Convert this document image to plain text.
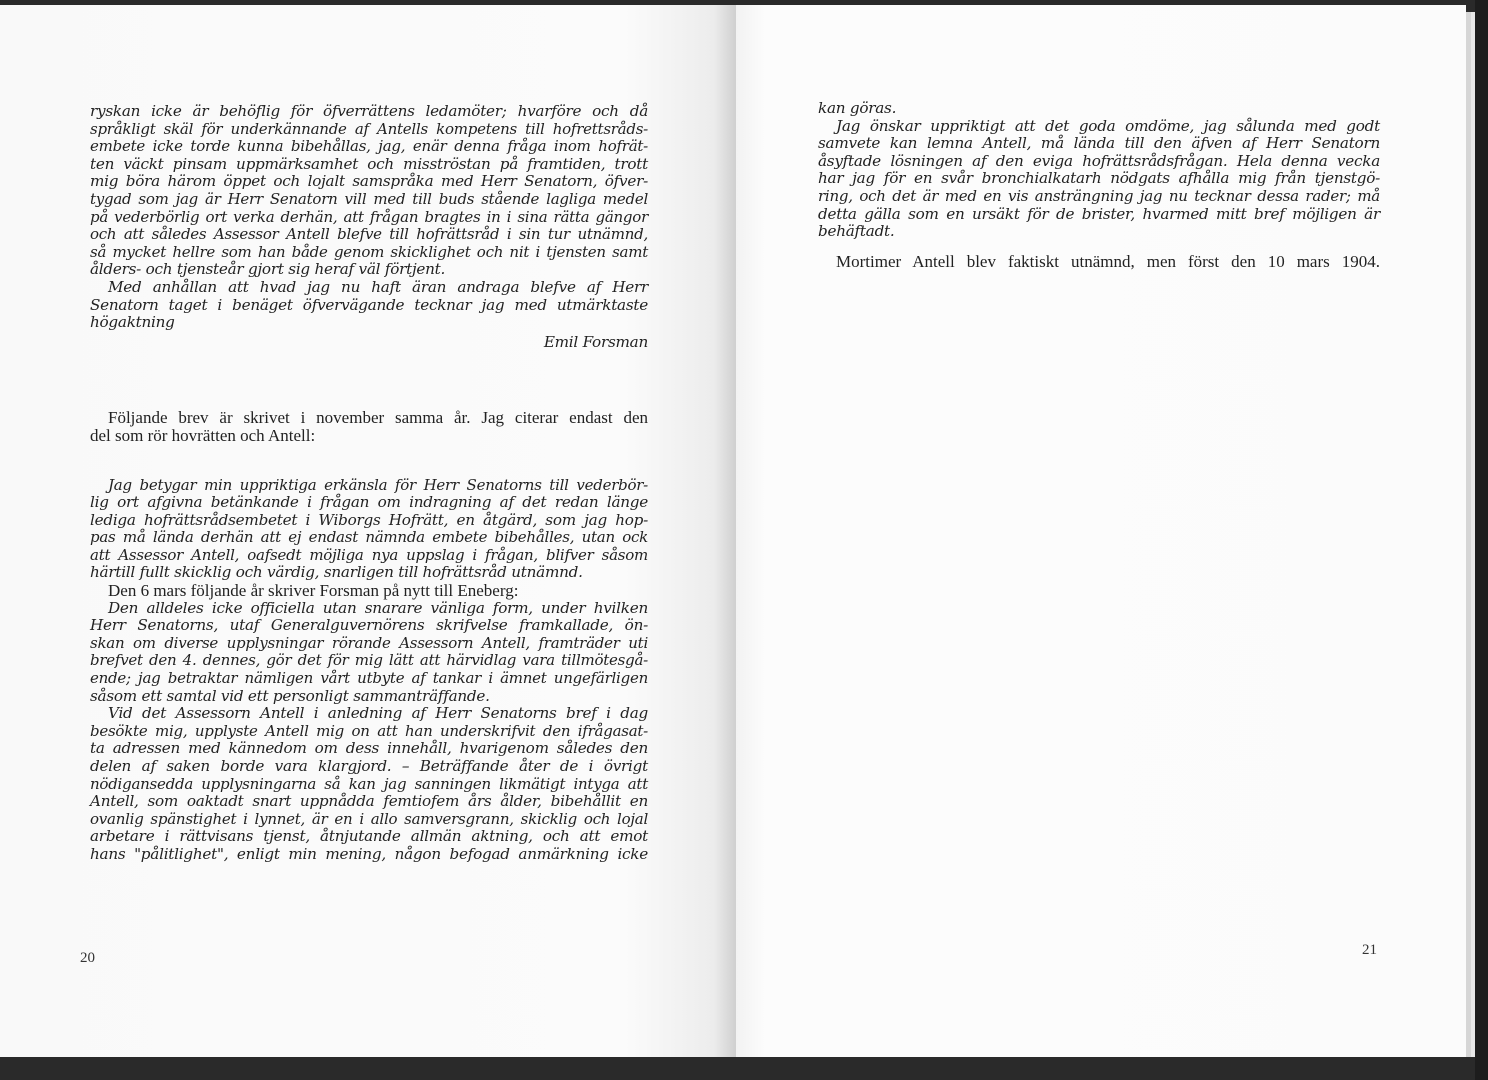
ryskan icke är behöflig för öfverrättens ledamöter; hvarföre och då
språkligt skäl för underkännande af Antells kompetens till hofrettsråds-
embete icke torde kunna bibehållas, jag, enär denna fråga inom hofrät-
ten väckt pinsam uppmärksamhet och misströstan på framtiden, trott
mig böra härom öppet och lojalt samspråka med Herr Senatorn, öfver-
tygad som jag är Herr Senatorn vill med till buds stående lagliga medel
på vederbörlig ort verka derhän, att frågan bragtes in i sina rätta gängor
och att således Assessor Antell blefve till hofrättsråd i sin tur utnämnd,
så mycket hellre som han både genom skicklighet och nit i tjensten samt
ålders- och tjensteår gjort sig heraf väl förtjent.
Med anhållan att hvad jag nu haft äran andraga blefve af Herr
Senatorn taget i benäget öfvervägande tecknar jag med utmärktaste
högaktning
Emil Forsman
Följande brev är skrivet i november samma år. Jag citerar endast den
del som rör hovrätten och Antell:
Jag betygar min uppriktiga erkänsla för Herr Senatorns till vederbör-
lig ort afgivna betänkande i frågan om indragning af det redan länge
lediga hofrättsrådsembetet i Wiborgs Hofrätt, en åtgärd, som jag hop-
pas må lända derhän att ej endast nämnda embete bibehålles, utan ock
att Assessor Antell, oafsedt möjliga nya uppslag i frågan, blifver såsom
härtill fullt skicklig och värdig, snarligen till hofrättsråd utnämnd.
Den 6 mars följande år skriver Forsman på nytt till Eneberg:
Den alldeles icke officiella utan snarare vänliga form, under hvilken
Herr Senatorns, utaf Generalguvernörens skrifvelse framkallade, ön-
skan om diverse upplysningar rörande Assessorn Antell, framträder uti
brefvet den 4. dennes, gör det för mig lätt att härvidlag vara tillmötesgå-
ende; jag betraktar nämligen vårt utbyte af tankar i ämnet ungefärligen
såsom ett samtal vid ett personligt sammanträffande.
Vid det Assessorn Antell i anledning af Herr Senatorns bref i dag
besökte mig, upplyste Antell mig on att han underskrifvit den ifrågasat-
ta adressen med kännedom om dess innehåll, hvarigenom således den
delen af saken borde vara klargjord. – Beträffande åter de i övrigt
nödigansedda upplysningarna så kan jag sanningen likmätigt intyga att
Antell, som oaktadt snart uppnådda femtiofem års ålder, bibehållit en
ovanlig spänstighet i lynnet, är en i allo samversgrann, skicklig och lojal
arbetare i rättvisans tjenst, åtnjutande allmän aktning, och att emot
hans "pålitlighet", enligt min mening, någon befogad anmärkning icke
20
kan göras.
Jag önskar uppriktigt att det goda omdöme, jag sålunda med godt
samvete kan lemna Antell, må lända till den äfven af Herr Senatorn
åsyftade lösningen af den eviga hofrättsrådsfrågan. Hela denna vecka
har jag för en svår bronchialkatarh nödgats afhålla mig från tjenstgö-
ring, och det är med en vis ansträngning jag nu tecknar dessa rader; må
detta gälla som en ursäkt för de brister, hvarmed mitt bref möjligen är
behäftadt.
Mortimer Antell blev faktiskt utnämnd, men först den 10 mars 1904.
21
